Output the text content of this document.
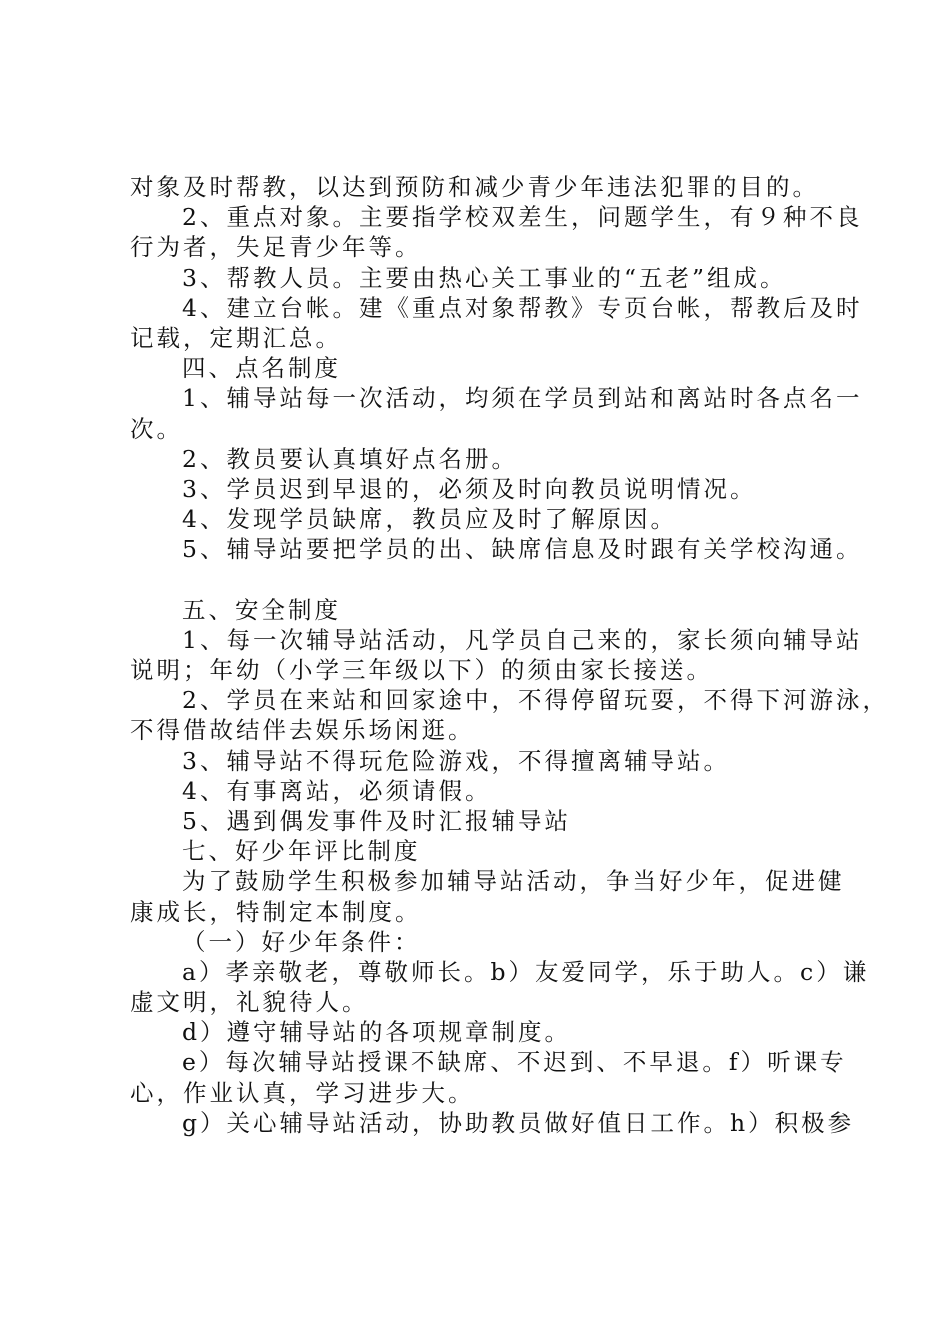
对象及时帮教，以达到预防和减少青少年违法犯罪的目的。

2、重点对象。主要指学校双差生，问题学生，有９种不良

行为者，失足青少年等。

3、帮教人员。主要由热心关工事业的“五老”组成。

4、建立台帐。建《重点对象帮教》专页台帐，帮教后及时

记载，定期汇总。

四、点名制度

1、辅导站每一次活动，均须在学员到站和离站时各点名一

次。

2、教员要认真填好点名册。

3、学员迟到早退的，必须及时向教员说明情况。

4、发现学员缺席，教员应及时了解原因。

5、辅导站要把学员的出、缺席信息及时跟有关学校沟通。

五、安全制度

1、每一次辅导站活动，凡学员自己来的，家长须向辅导站

说明；年幼（小学三年级以下）的须由家长接送。

2、学员在来站和回家途中，不得停留玩耍，不得下河游泳，

不得借故结伴去娱乐场闲逛。

3、辅导站不得玩危险游戏，不得擅离辅导站。

4、有事离站，必须请假。

5、遇到偶发事件及时汇报辅导站

七、好少年评比制度

为了鼓励学生积极参加辅导站活动，争当好少年，促进健

康成长，特制定本制度。

（一）好少年条件：

a）孝亲敬老，尊敬师长。b）友爱同学，乐于助人。c）谦

虚文明，礼貌待人。

d）遵守辅导站的各项规章制度。

e）每次辅导站授课不缺席、不迟到、不早退。f）听课专

心，作业认真，学习进步大。

g）关心辅导站活动，协助教员做好值日工作。h）积极参
